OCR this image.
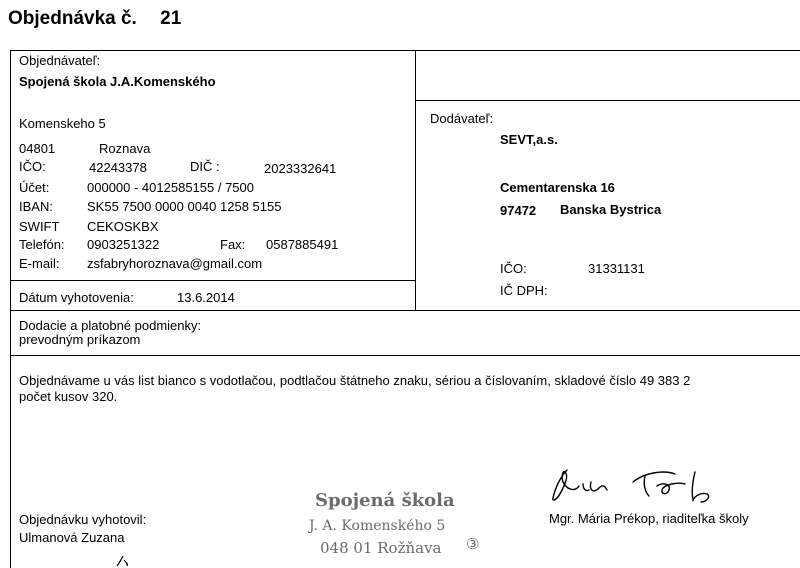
Objednávka č. 21
Objednávateľ:
Spojená škola J.A.Komenského
Komenskeho 5
04801	Roznava
IČO:	42243378	DIČ :	2023332641
Účet:	000000 - 4012585155 / 7500
IBAN:	SK55 7500 0000 0040 1258 5155
SWIFT CEKOSKBX
Telefón: 0903251322	Fax: 0587885491
E-mail: zsfabryhoroznava@gmail.com
Dátum vyhotovenia:	13.6.2014
Dodávateľ:
SEVT,a.s.
Cementarenska 16
97472 Banska Bystrica
IČO:	31331131
IČ DPH:
Dodacie a platobné podmienky:
prevodným príkazom
Objednávame u vás list bianco s vodotlačou, podtlačou štátneho znaku, sériou a číslovaním, skladové číslo 49 383 2
počet kusov 320.
Objednávku vyhotovil:
Ulmanová Zuzana
Mgr. Mária Prékop, riaditeľka školy
Spojená škola
J. A. Komenského 5
048 01 Rožňava ③
